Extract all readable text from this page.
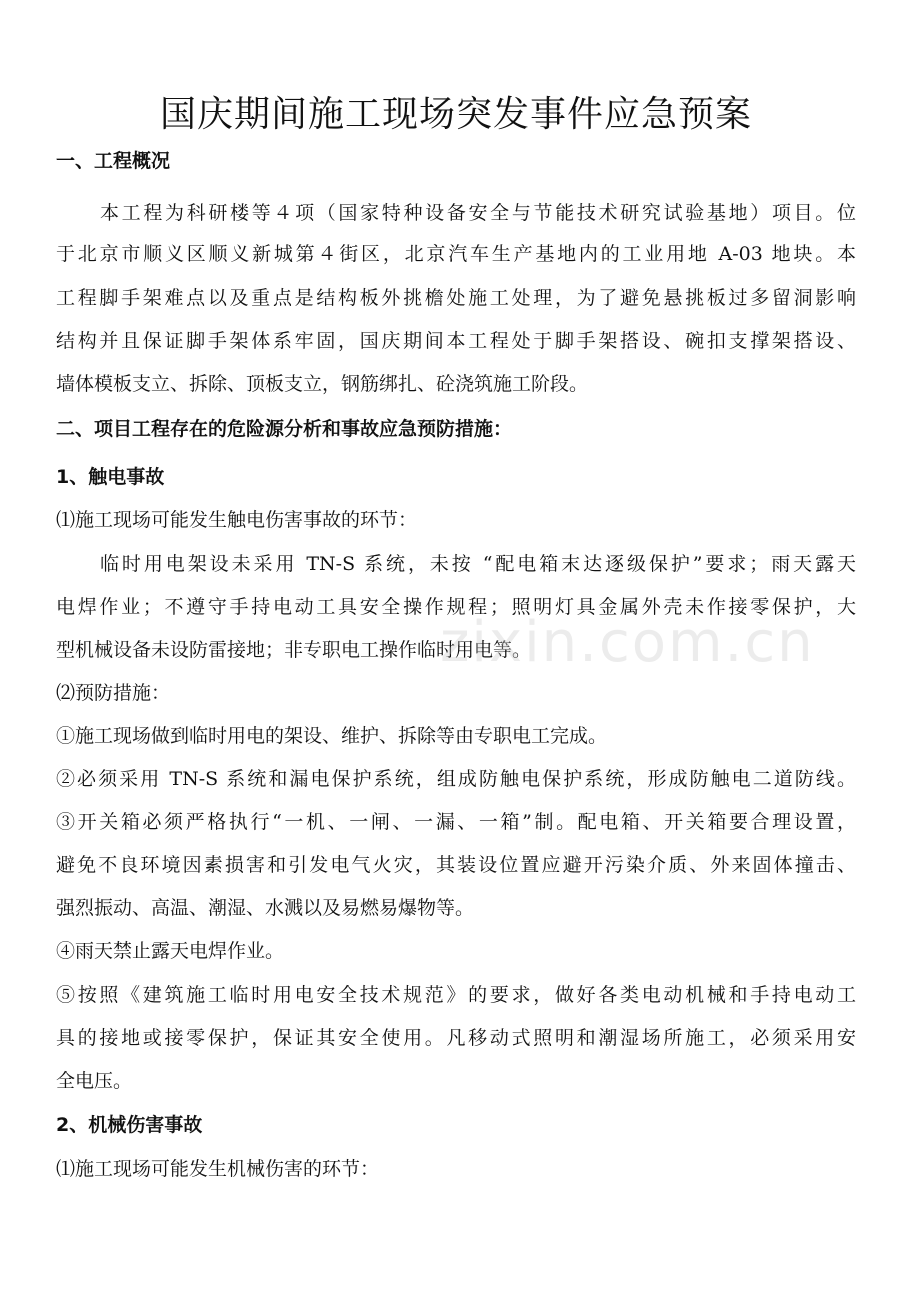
国庆期间施工现场突发事件应急预案
一、工程概况
本工程为科研楼等４项（国家特种设备安全与节能技术研究试验基地）项目。位
于北京市顺义区顺义新城第４街区，北京汽车生产基地内的工业用地 A-03 地块。本
工程脚手架难点以及重点是结构板外挑檐处施工处理，为了避免悬挑板过多留洞影响
结构并且保证脚手架体系牢固，国庆期间本工程处于脚手架搭设、碗扣支撑架搭设、
墙体模板支立、拆除、顶板支立，钢筋绑扎、砼浇筑施工阶段。
二、项目工程存在的危险源分析和事故应急预防措施：
1、触电事故
⑴施工现场可能发生触电伤害事故的环节：
临时用电架设未采用 TN-S 系统，未按 “配电箱末达逐级保护”要求；雨天露天
电焊作业；不遵守手持电动工具安全操作规程；照明灯具金属外壳未作接零保护，大
型机械设备未设防雷接地；非专职电工操作临时用电等。
⑵预防措施：
①施工现场做到临时用电的架设、维护、拆除等由专职电工完成。
②必须采用 TN-S 系统和漏电保护系统，组成防触电保护系统，形成防触电二道防线。
③开关箱必须严格执行“一机、一闸、一漏、一箱”制。配电箱、开关箱要合理设置，
避免不良环境因素损害和引发电气火灾，其装设位置应避开污染介质、外来固体撞击、
强烈振动、高温、潮湿、水溅以及易燃易爆物等。
④雨天禁止露天电焊作业。
⑤按照《建筑施工临时用电安全技术规范》的要求，做好各类电动机械和手持电动工
具的接地或接零保护，保证其安全使用。凡移动式照明和潮湿场所施工，必须采用安
全电压。
2、机械伤害事故
⑴施工现场可能发生机械伤害的环节：
zixin.com.cn
